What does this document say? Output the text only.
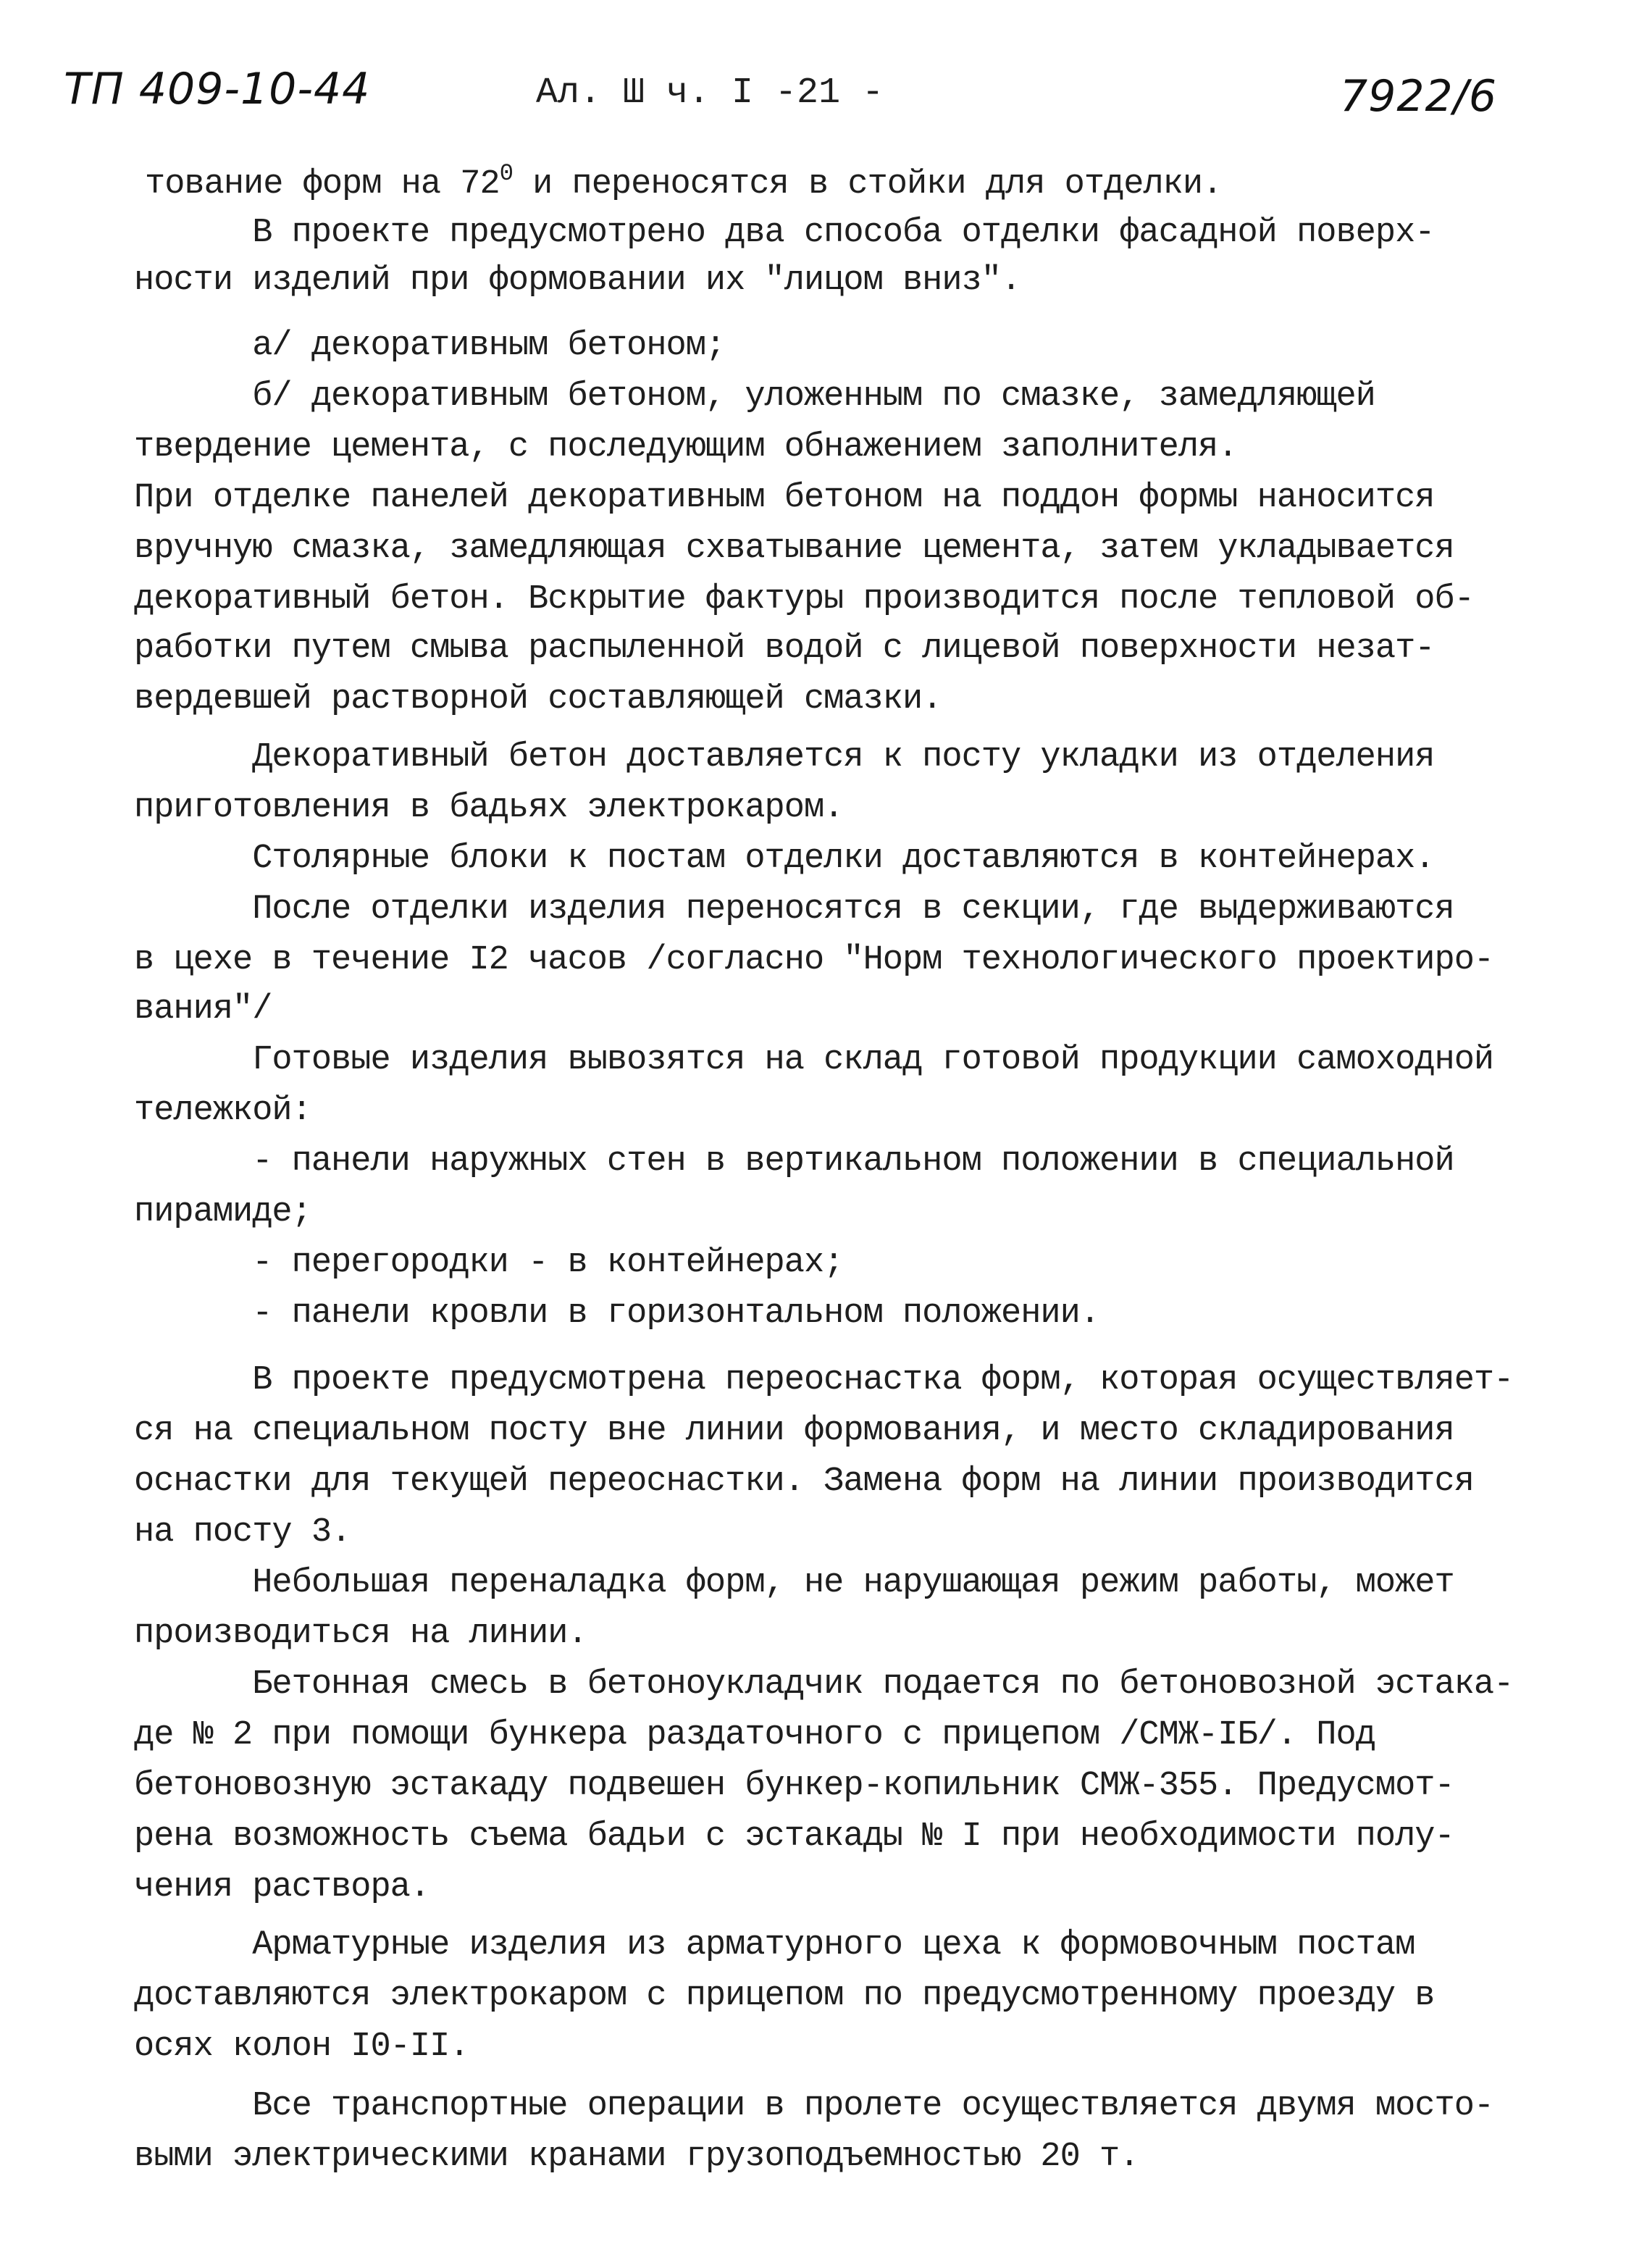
ТП 409-10-44	Ал. Ш ч. I -21 -	7922/6
тование форм на $72^0$ и переносятся в стойки для отделки.
В проекте предусмотрено два способа отделки фасадной поверх-
ности изделий при формовании их "лицом вниз".
а/ декоративным бетоном;
б/ декоративным бетоном, уложенным по смазке, замедляющей
твердение цемента, с последующим обнажением заполнителя.
При отделке панелей декоративным бетоном на поддон формы наносится
вручную смазка, замедляющая схватывание цемента, затем укладывается
декоративный бетон. Вскрытие фактуры производится после тепловой об-
работки путем смыва распыленной водой с лицевой поверхности незат-
вердевшей растворной составляющей смазки.
Декоративный бетон доставляется к посту укладки из отделения
приготовления в бадьях электрокаром.
Столярные блоки к постам отделки доставляются в контейнерах.
После отделки изделия переносятся в секции, где выдерживаются
в цехе в течение I2 часов /согласно "Норм технологического проектиро-
вания"/
Готовые изделия вывозятся на склад готовой продукции самоходной
тележкой:
- панели наружных стен в вертикальном положении в специальной
пирамиде;
- перегородки - в контейнерах;
- панели кровли в горизонтальном положении.
В проекте предусмотрена переоснастка форм, которая осуществляет-
ся на специальном посту вне линии формования, и место складирования
оснастки для текущей переоснастки. Замена форм на линии производится
на посту 3.
Небольшая переналадка форм, не нарушающая режим работы, может
производиться на линии.
Бетонная смесь в бетоноукладчик подается по бетоновозной эстака-
де № 2 при помощи бункера раздаточного с прицепом /СМЖ-IБ/. Под
бетоновозную эстакаду подвешен бункер-копильник СМЖ-355. Предусмот-
рена возможность съема бадьи с эстакады № I при необходимости полу-
чения раствора.
Арматурные изделия из арматурного цеха к формовочным постам
доставляются электрокаром с прицепом по предусмотренному проезду в
осях колон I0-II.
Все транспортные операции в пролете осуществляется двумя мосто-
выми электрическими кранами грузоподъемностью 20 т.
